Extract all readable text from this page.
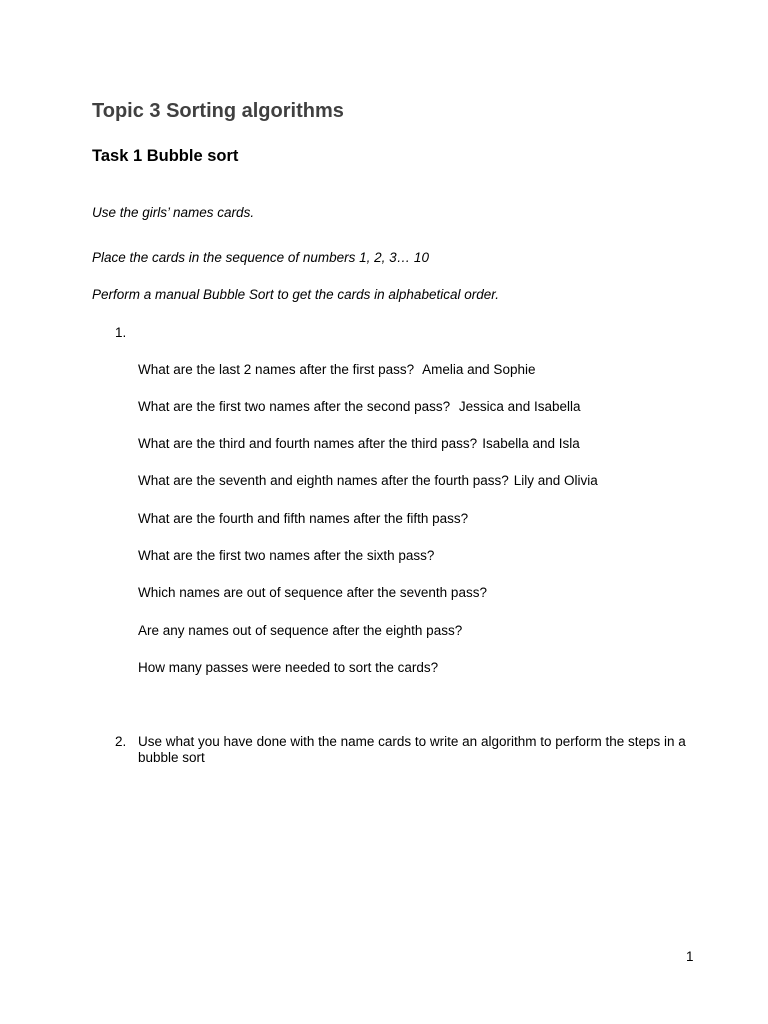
Topic 3 Sorting algorithms
Task 1 Bubble sort
Use the girls’ names cards.
Place the cards in the sequence of numbers 1, 2, 3… 10
Perform a manual Bubble Sort to get the cards in alphabetical order.
1.
What are the last 2 names after the first pass? Amelia and Sophie
What are the first two names after the second pass? Jessica and Isabella
What are the third and fourth names after the third pass? Isabella and Isla
What are the seventh and eighth names after the fourth pass? Lily and Olivia
What are the fourth and fifth names after the fifth pass?
What are the first two names after the sixth pass?
Which names are out of sequence after the seventh pass?
Are any names out of sequence after the eighth pass?
How many passes were needed to sort the cards?
2. Use what you have done with the name cards to write an algorithm to perform the steps in a bubble sort
1
